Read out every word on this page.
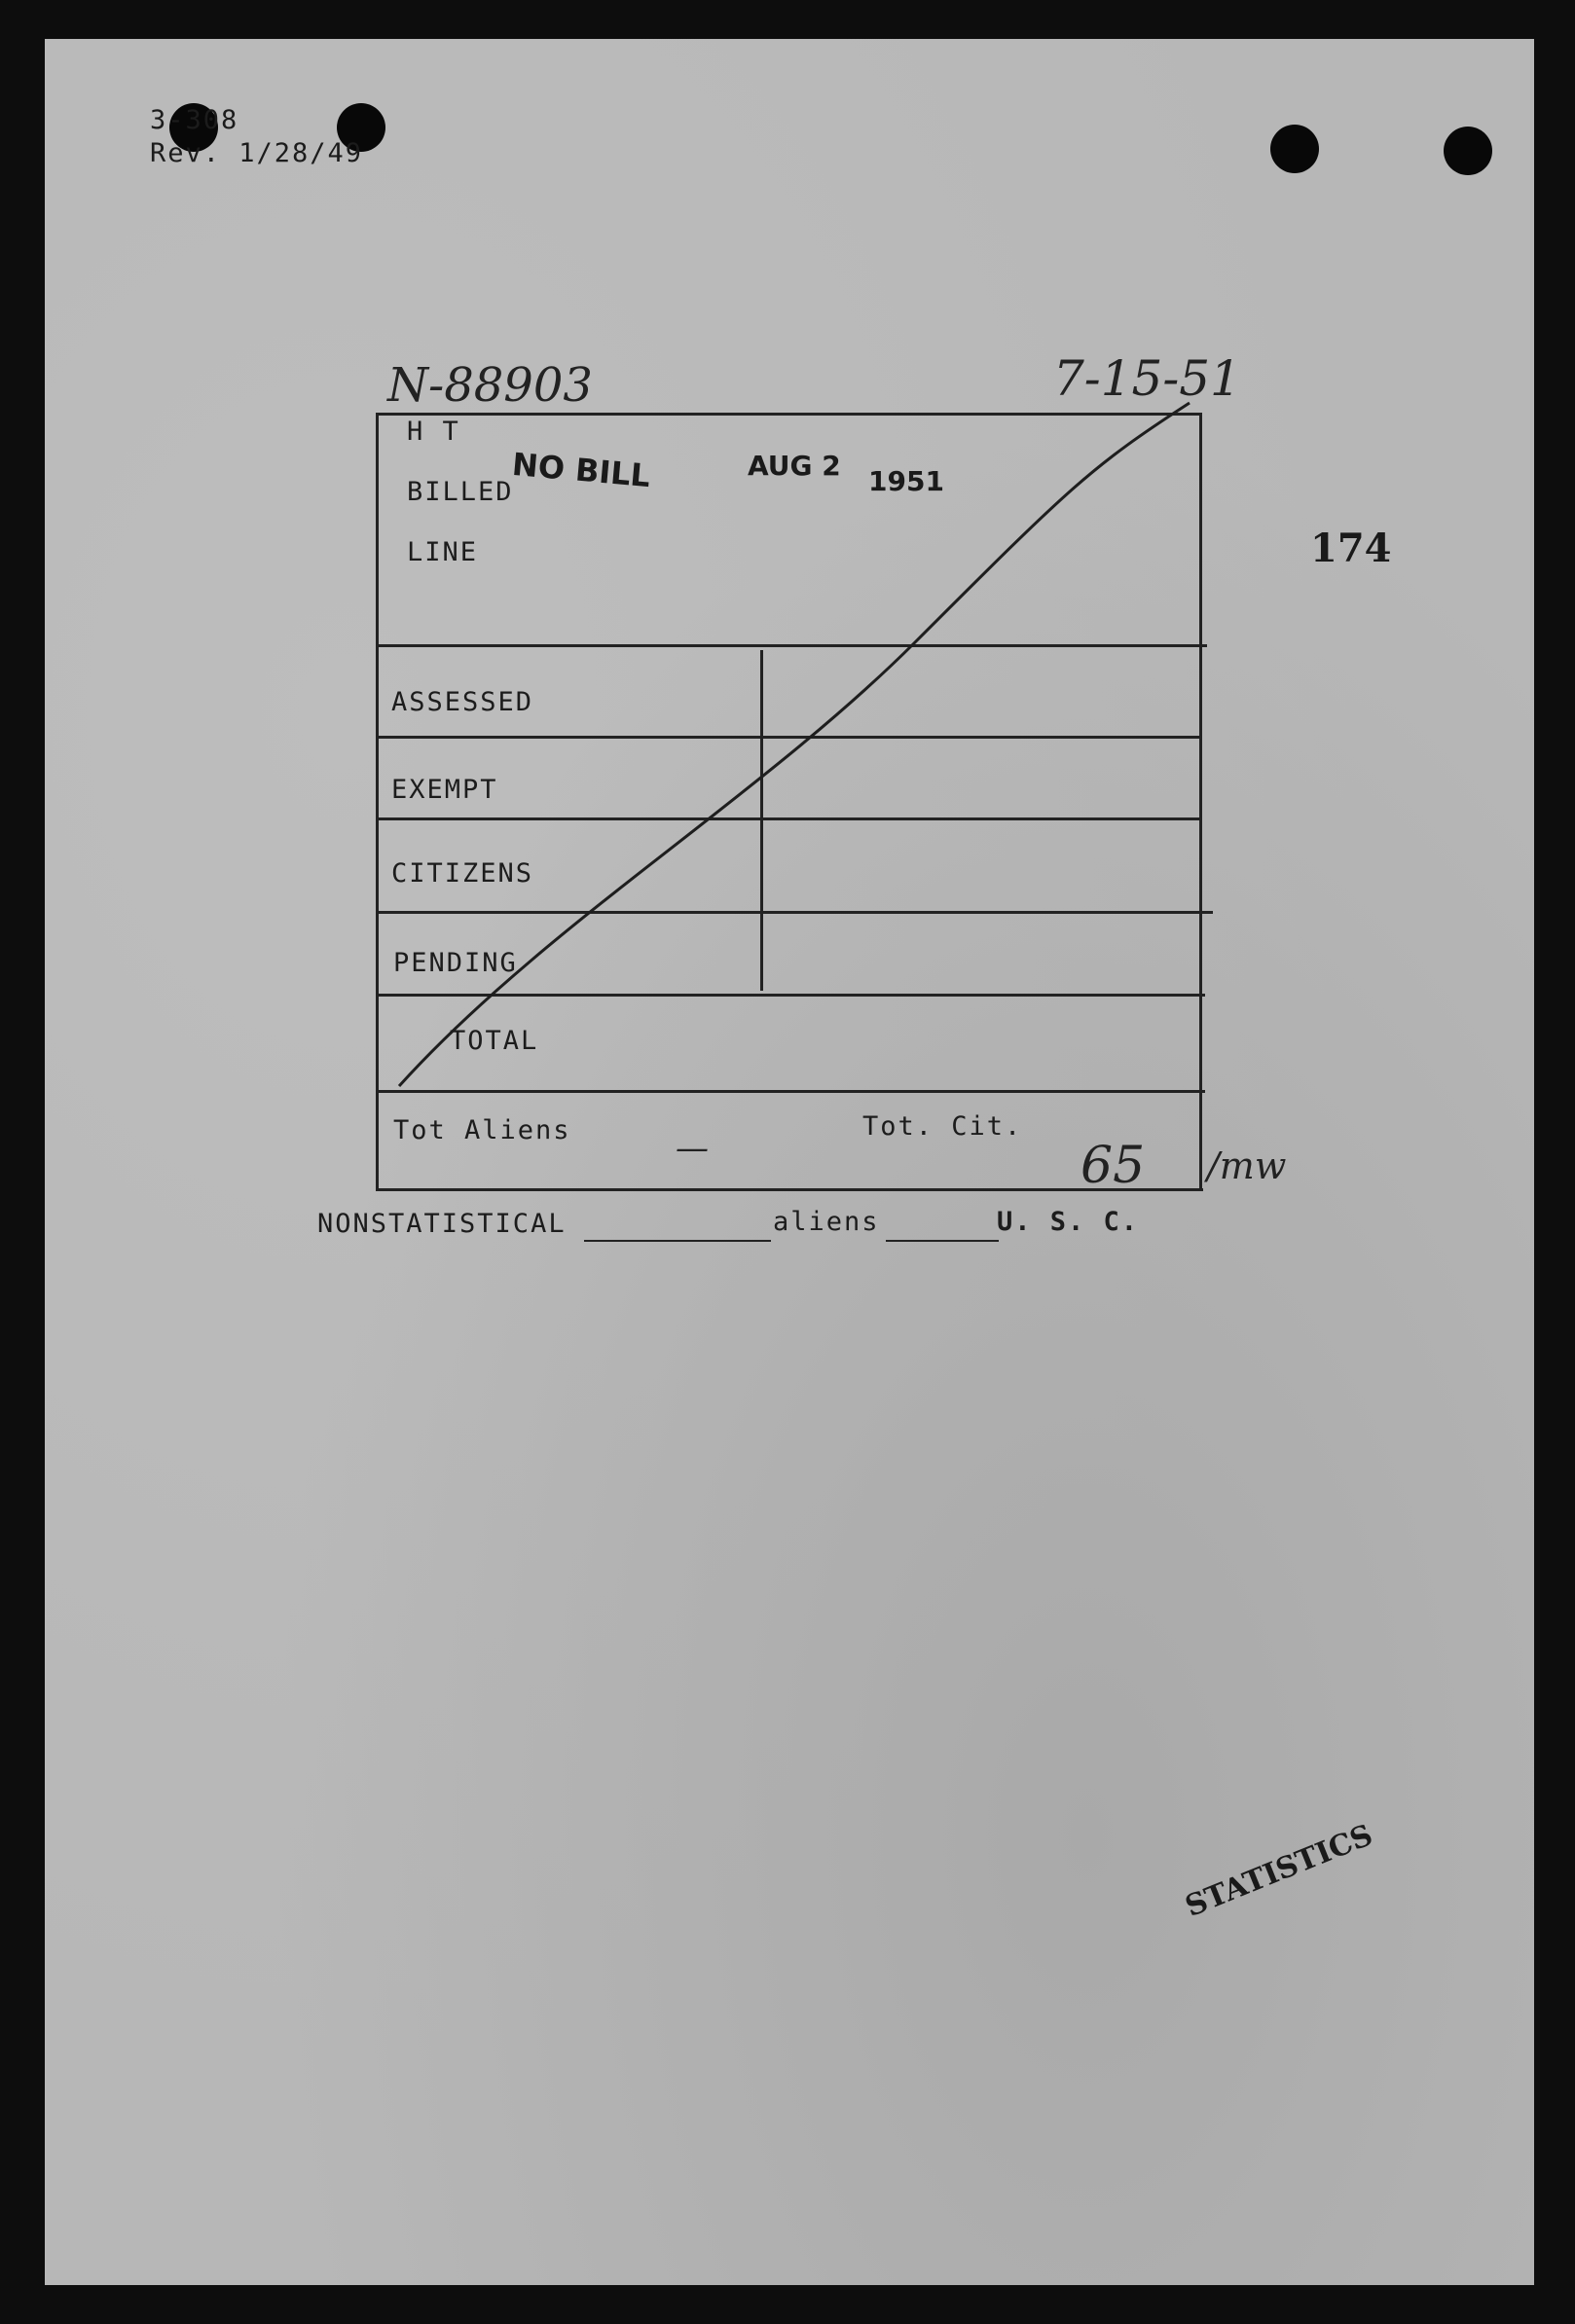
3-308
Rev. 1/28/49
N-88903	7-15-51
174
H T
BILLED
LINE
NO BILL	AUG 2 1951
ASSESSED
EXEMPT
CITIZENS
PENDING
TOTAL
Tot Aliens	Tot. Cit.
—	65 /mw
NONSTATISTICAL	aliens	U. S. C.
STATISTICS
